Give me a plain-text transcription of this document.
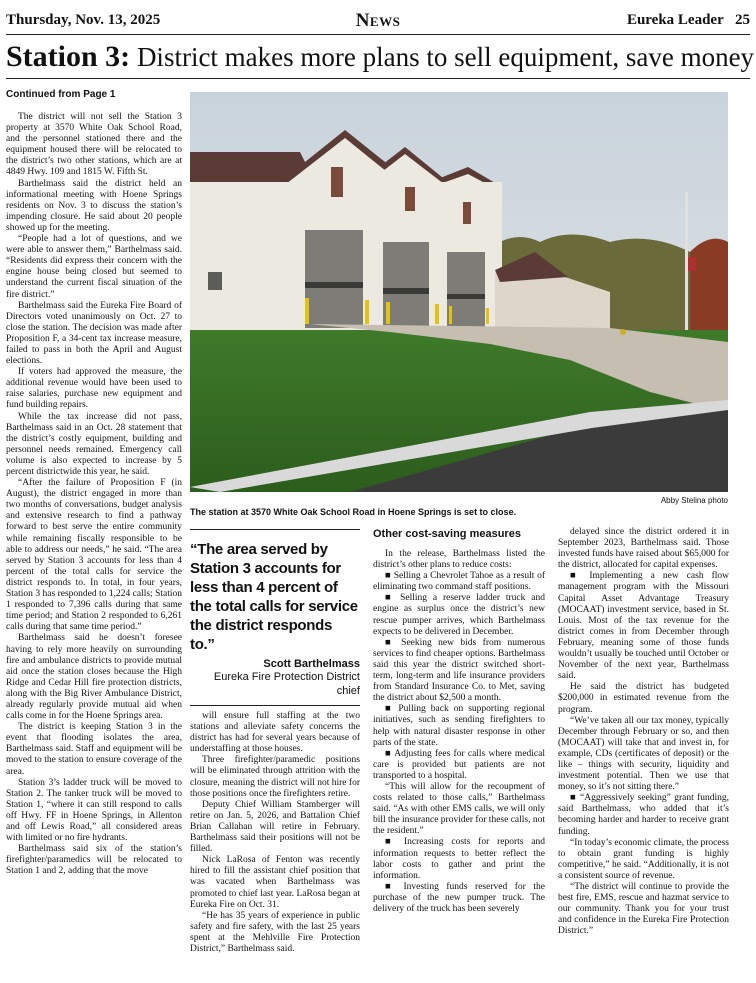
Thursday, Nov. 13, 2025	News	Eureka Leader 25
Station 3: District makes more plans to sell equipment, save money
Continued from Page 1

The district will not sell the Station 3 property at 3570 White Oak School Road, and the personnel stationed there and the equipment housed there will be relocated to the district’s two other stations, which are at 4849 Hwy. 109 and 1815 W. Fifth St.

Barthelmass said the district held an informational meeting with Hoene Springs residents on Nov. 3 to discuss the station’s impending closure. He said about 20 people showed up for the meeting.

“People had a lot of questions, and we were able to answer them,” Barthelmass said. “Residents did express their concern with the engine house being closed but seemed to understand the current fiscal situation of the fire district.”

Barthelmass said the Eureka Fire Board of Directors voted unanimously on Oct. 27 to close the station. The decision was made after Proposition F, a 34-cent tax increase measure, failed to pass in both the April and August elections.

If voters had approved the measure, the additional revenue would have been used to raise salaries, purchase new equipment and fund building repairs.

While the tax increase did not pass, Barthelmass said in an Oct. 28 statement that the district’s costly equipment, building and personnel needs remained. Emergency call volume is also expected to increase by 5 percent districtwide this year, he said.

“After the failure of Proposition F (in August), the district engaged in more than two months of conversations, budget analysis and extensive research to find a pathway forward to best serve the entire community while remaining fiscally responsible to be able to address our needs,” he said. “The area served by Station 3 accounts for less than 4 percent of the total calls for service the district responds to. In total, in four years, Station 3 has responded to 1,224 calls; Station 1 responded to 7,396 calls during that same time period; and Station 2 responded to 6,261 calls during that same time period.”

Barthelmass said he doesn’t foresee having to rely more heavily on surrounding fire and ambulance districts to provide mutual aid once the station closes because the High Ridge and Cedar Hill fire protection districts, along with the Big River Ambulance District, already regularly provide mutual aid when calls come in for the Hoene Springs area.

The district is keeping Station 3 in the event that flooding isolates the area, Barthelmass said. Staff and equipment will be moved to the station to ensure coverage of the area.

Station 3’s ladder truck will be moved to Station 2. The tanker truck will be moved to Station 1, “where it can still respond to calls off Hwy. FF in Hoene Springs, in Allenton and off Lewis Road,” all considered areas with limited or no fire hydrants.

Barthelmass said six of the station’s firefighter/paramedics will be relocated to Station 1 and 2, adding that the move

Abby Stelina photo
The station at 3570 White Oak School Road in Hoene Springs is set to close.
“The area served by Station 3 accounts for less than 4 percent of the total calls for service the district responds to.”
Scott Barthelmass
Eureka Fire Protection District chief

will ensure full staffing at the two stations and alleviate safety concerns the district has had for several years because of understaffing at those houses.

Three firefighter/paramedic positions will be eliminated through attrition with the closure, meaning the district will not hire for those positions once the firefighters retire.

Deputy Chief William Stamberger will retire on Jan. 5, 2026, and Battalion Chief Brian Callahan will retire in February. Barthelmass said their positions will not be filled.

Nick LaRosa of Fenton was recently hired to fill the assistant chief position that was vacated when Barthelmass was promoted to chief last year. LaRosa began at Eureka Fire on Oct. 31.

“He has 35 years of experience in public safety and fire safety, with the last 25 years spent at the Mehlville Fire Protection District,” Barthelmass said.

Other cost-saving measures

In the release, Barthelmass listed the district’s other plans to reduce costs:

■ Selling a Chevrolet Tahoe as a result of eliminating two command staff positions.

■ Selling a reserve ladder truck and engine as surplus once the district’s new rescue pumper arrives, which Barthelmass expects to be delivered in December.

■ Seeking new bids from numerous services to find cheaper options. Barthelmass said this year the district switched short-term, long-term and life insurance providers from Standard Insurance Co. to Met, saving the district about $2,500 a month.

■ Pulling back on supporting regional initiatives, such as sending firefighters to help with natural disaster response in other parts of the state.

■ Adjusting fees for calls where medical care is provided but patients are not transported to a hospital.

“This will allow for the recoupment of costs related to those calls,” Barthelmass said. “As with other EMS calls, we will only bill the insurance provider for these calls, not the resident.”

■ Increasing costs for reports and information requests to better reflect the labor costs to gather and print the information.

■ Investing funds reserved for the purchase of the new pumper truck. The delivery of the truck has been severely

delayed since the district ordered it in September 2023, Barthelmass said. Those invested funds have raised about $65,000 for the district, allocated for capital expenses.

■ Implementing a new cash flow management program with the Missouri Capital Asset Advantage Treasury (MOCAAT) investment service, based in St. Louis. Most of the tax revenue for the district comes in from December through February, meaning some of those funds wouldn’t usually be touched until October or November of the next year, Barthelmass said.

He said the district has budgeted $200,000 in estimated revenue from the program.

“We’ve taken all our tax money, typically December through February or so, and then (MOCAAT) will take that and invest in, for example, CDs (certificates of deposit) or the like – things with security, liquidity and investment potential. Then we use that money, so it’s not sitting there.”

■ “Aggressively seeking” grant funding, said Barthelmass, who added that it’s becoming harder and harder to receive grant funding.

“In today’s economic climate, the process to obtain grant funding is highly competitive,” he said. “Additionally, it is not a consistent source of revenue.

“The district will continue to provide the best fire, EMS, rescue and hazmat service to our community. Thank you for your trust and confidence in the Eureka Fire Protection District.”
